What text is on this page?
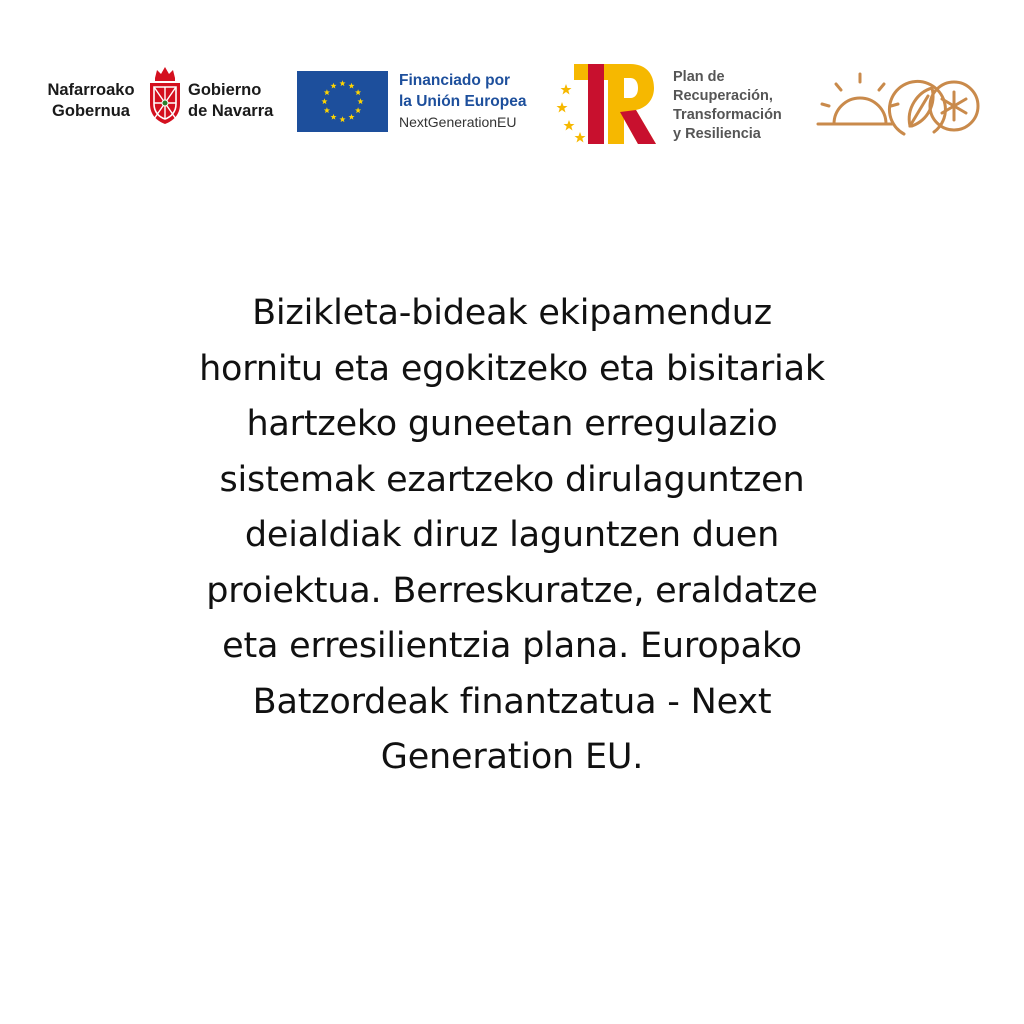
Nafarroako
Gobernua
Gobierno
de Navarra
Financiado por
la Unión Europea
NextGenerationEU
Plan de
Recuperación,
Transformación
y Resiliencia
Bizikleta-bideak ekipamenduz
hornitu eta egokitzeko eta bisitariak
hartzeko guneetan erregulazio
sistemak ezartzeko dirulaguntzen
deialdiak diruz laguntzen duen
proiektua. Berreskuratze, eraldatze
eta erresilientzia plana. Europako
Batzordeak finantzatua - Next
Generation EU.
